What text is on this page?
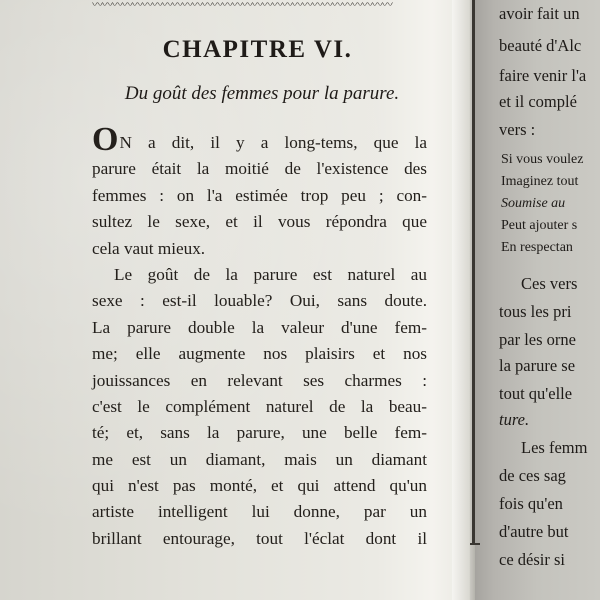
〰〰〰〰〰〰〰〰〰〰〰〰〰〰〰〰〰〰〰〰〰〰〰〰〰〰〰〰〰〰
CHAPITRE VI.
Du goût des femmes pour la parure.
ON a dit, il y a long-tems, que la
parure était la moitié de l'existence des
femmes : on l'a estimée trop peu ; con-
sultez le sexe, et il vous répondra que
cela vaut mieux.
Le goût de la parure est naturel au
sexe : est-il louable? Oui, sans doute.
La parure double la valeur d'une fem-
me; elle augmente nos plaisirs et nos
jouissances en relevant ses charmes :
c'est le complément naturel de la beau-
té; et, sans la parure, une belle fem-
me est un diamant, mais un diamant
qui n'est pas monté, et qui attend qu'un
artiste intelligent lui donne, par un
brillant entourage, tout l'éclat dont il
avoir fait un
beauté d'Alc
faire venir l'a
et il complé
vers :
Si vous voulez
Imaginez tout
Soumise au
Peut ajouter s
En respectan
Ces vers
tous les pri
par les orne
la parure se
tout qu'elle
ture.
Les femm
de ces sag
fois qu'en
d'autre but
ce désir si
